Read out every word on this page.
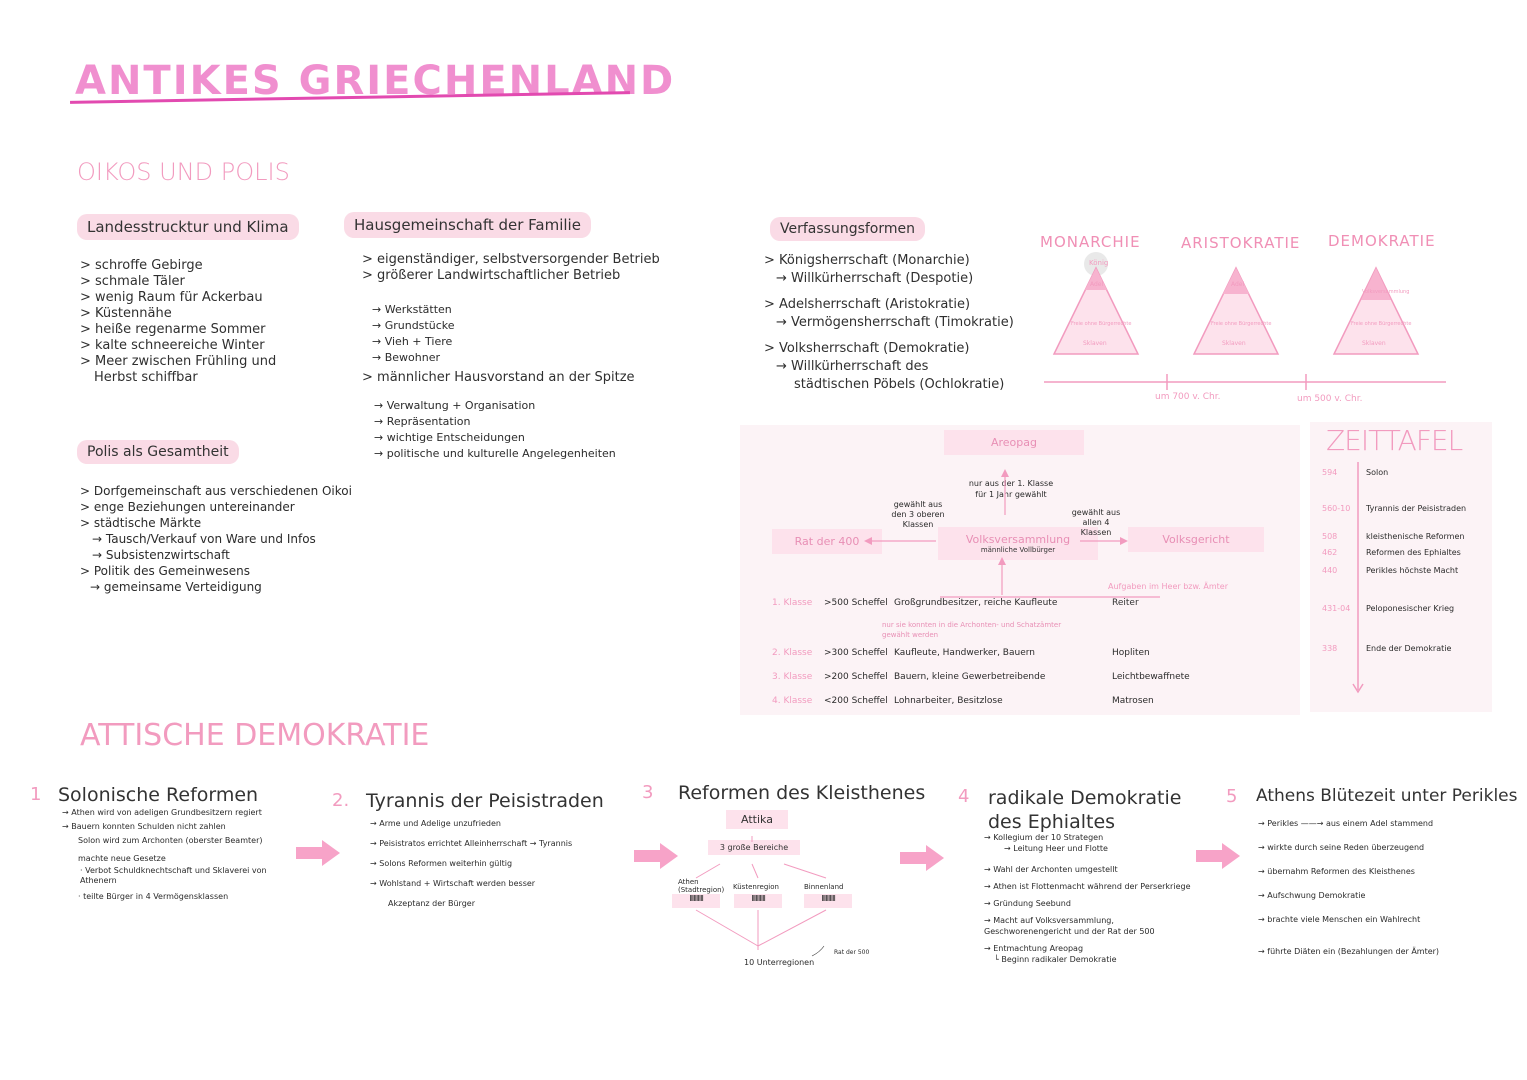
ANTIKES GRIECHENLAND
OIKOS UND POLIS
Landesstrucktur und Klima
> schroffe Gebirge
> schmale Täler
> wenig Raum für Ackerbau
> Küstennähe
> heiße regenarme Sommer
> kalte schneereiche Winter
> Meer zwischen Frühling und
Herbst schiffbar
Hausgemeinschaft der Familie
> eigenständiger, selbstversorgender Betrieb
> größerer Landwirtschaftlicher Betrieb
→ Werkstätten
→ Grundstücke
→ Vieh + Tiere
→ Bewohner
> männlicher Hausvorstand an der Spitze
→ Verwaltung + Organisation
→ Repräsentation
→ wichtige Entscheidungen
→ politische und kulturelle Angelegenheiten
Polis als Gesamtheit
> Dorfgemeinschaft aus verschiedenen Oikoi
> enge Beziehungen untereinander
> städtische Märkte
→ Tausch/Verkauf von Ware und Infos
→ Subsistenzwirtschaft
> Politik des Gemeinwesens
→ gemeinsame Verteidigung
Verfassungsformen
> Königsherrschaft (Monarchie)
→ Willkürherrschaft (Despotie)
> Adelsherrschaft (Aristokratie)
→ Vermögensherrschaft (Timokratie)
> Volksherrschaft (Demokratie)
→ Willkürherrschaft des
städtischen Pöbels (Ochlokratie)
MONARCHIE	ARISTOKRATIE DEMOKRATIE
König
Adel	Adel
Volksversammlung
Freie ohne Bürgerrechte	Freie ohne Bürgerrechte	Freie ohne Bürgerrechte
Sklaven	Sklaven	Sklaven
um 700 v. Chr.	um 500 v. Chr.
Areopag
nur aus der 1. Klasse für 1 Jahr gewählt
Rat der 400
gewählt aus den 3 oberen Klassen
Volksversammlung
männliche Vollbürger
gewählt aus allen 4 Klassen
Volksgericht
Aufgaben im Heer bzw. Ämter
1. Klasse	>500 Scheffel Großgrundbesitzer, reiche Kaufleute	Reiter
nur sie konnten in die Archonten- und Schatzämter gewählt werden
2. Klasse	>300 Scheffel Kaufleute, Handwerker, Bauern	Hopliten
3. Klasse	>200 Scheffel Bauern, kleine Gewerbetreibende	Leichtbewaffnete
4. Klasse	<200 Scheffel Lohnarbeiter, Besitzlose	Matrosen
ZEITTAFEL
594	Solon
560-10	Tyrannis der Peisistraden
508	kleisthenische Reformen
462	Reformen des Ephialtes
440	Perikles höchste Macht
431-04	Peloponesischer Krieg
338	Ende der Demokratie
ATTISCHE DEMOKRATIE
1 Solonische Reformen
→ Athen wird von adeligen Grundbesitzern regiert
→ Bauern konnten Schulden nicht zahlen
Solon wird zum Archonten (oberster Beamter)
machte neue Gesetze
· Verbot Schuldknechtschaft und Sklaverei von Athenern
· teilte Bürger in 4 Vermögensklassen
2. Tyrannis der Peisistraden
→ Arme und Adelige unzufrieden
→ Peisistratos errichtet Alleinherrschaft → Tyrannis
→ Solons Reformen weiterhin gültig
→ Wohlstand + Wirtschaft werden besser
Akzeptanz der Bürger
3 Reformen des Kleisthenes
Attika
3 große Bereiche
Athen (Stadtregion) Küstenregion	Binnenland
IIIIIIIIII	IIIIIIIIII	IIIIIIIIII
10 Unterregionen
Rat der 500
4 radikale Demokratie des Ephialtes
→ Kollegium der 10 Strategen
→ Leitung Heer und Flotte
→ Wahl der Archonten umgestellt
→ Athen ist Flottenmacht während der Perserkriege
→ Gründung Seebund
→ Macht auf Volksversammlung, Geschworenengericht und der Rat der 500
→ Entmachtung Areopag
└ Beginn radikaler Demokratie
5 Athens Blütezeit unter Perikles
→ Perikles ——→ aus einem Adel stammend
→ wirkte durch seine Reden überzeugend
→ übernahm Reformen des Kleisthenes
→ Aufschwung Demokratie
→ brachte viele Menschen ein Wahlrecht
→ führte Diäten ein (Bezahlungen der Ämter)
